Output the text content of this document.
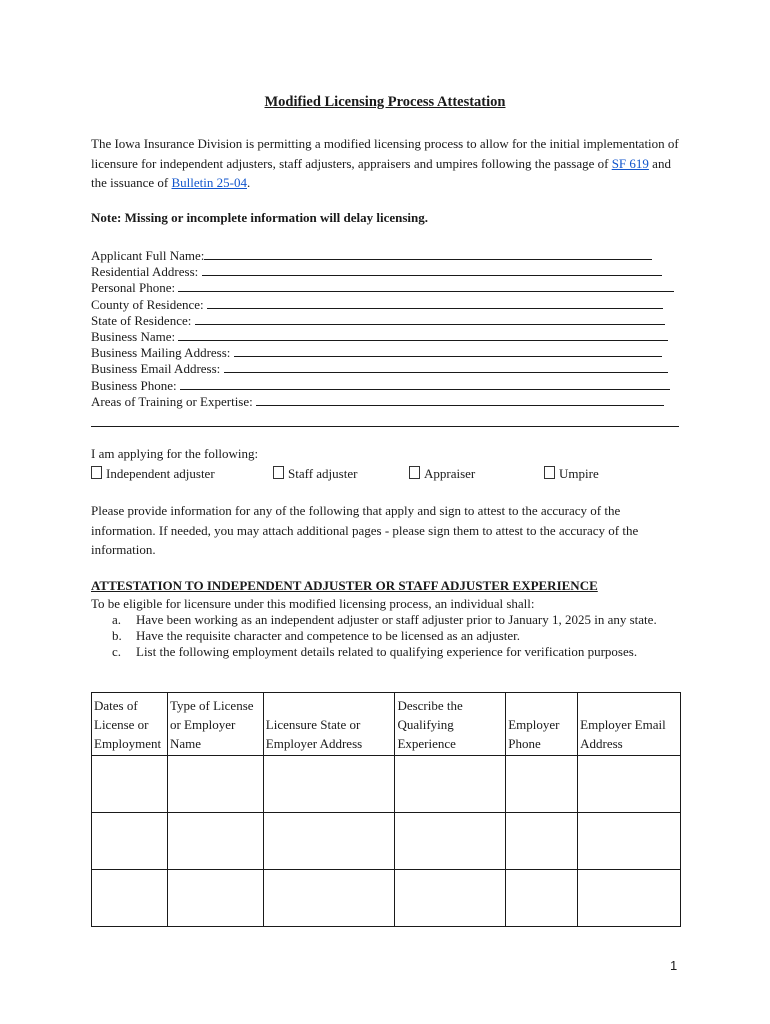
Modified Licensing Process Attestation
The Iowa Insurance Division is permitting a modified licensing process to allow for the initial implementation of licensure for independent adjusters, staff adjusters, appraisers and umpires following the passage of SF 619 and the issuance of Bulletin 25-04.
Note: Missing or incomplete information will delay licensing.
Applicant Full Name:
Residential Address:
Personal Phone:
County of Residence:
State of Residence:
Business Name:
Business Mailing Address:
Business Email Address:
Business Phone:
Areas of Training or Expertise:
I am applying for the following:
Independent adjuster	Staff adjuster	Appraiser	Umpire
Please provide information for any of the following that apply and sign to attest to the accuracy of the information. If needed, you may attach additional pages - please sign them to attest to the accuracy of the information.
ATTESTATION TO INDEPENDENT ADJUSTER OR STAFF ADJUSTER EXPERIENCE
To be eligible for licensure under this modified licensing process, an individual shall:
a.	Have been working as an independent adjuster or staff adjuster prior to January 1, 2025 in any state.
b.	Have the requisite character and competence to be licensed as an adjuster.
c.	List the following employment details related to qualifying experience for verification purposes.
Dates of License or Employment	Type of License or Employer Name	Licensure State or Employer Address	Describe the Qualifying Experience	Employer Phone	Employer Email Address

1
